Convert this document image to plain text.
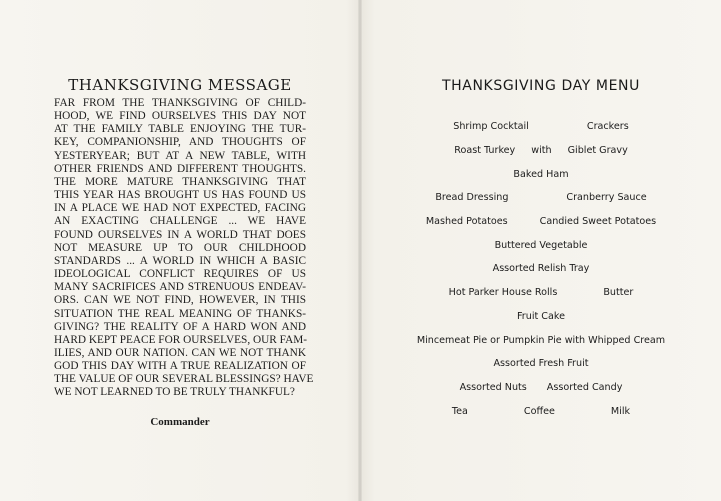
THANKSGIVING MESSAGE

FAR FROM THE THANKSGIVING OF CHILD-
HOOD, WE FIND OURSELVES THIS DAY NOT
AT THE FAMILY TABLE ENJOYING THE TUR-
KEY, COMPANIONSHIP, AND THOUGHTS OF
YESTERYEAR; BUT AT A NEW TABLE, WITH
OTHER FRIENDS AND DIFFERENT THOUGHTS.
THE MORE MATURE THANKSGIVING THAT
THIS YEAR HAS BROUGHT US HAS FOUND US
IN A PLACE WE HAD NOT EXPECTED, FACING
AN EXACTING CHALLENGE ... WE HAVE
FOUND OURSELVES IN A WORLD THAT DOES
NOT MEASURE UP TO OUR CHILDHOOD
STANDARDS ... A WORLD IN WHICH A BASIC
IDEOLOGICAL CONFLICT REQUIRES OF US
MANY SACRIFICES AND STRENUOUS ENDEAV-
ORS. CAN WE NOT FIND, HOWEVER, IN THIS
SITUATION THE REAL MEANING OF THANKS-
GIVING? THE REALITY OF A HARD WON AND
HARD KEPT PEACE FOR OURSELVES, OUR FAM-
ILIES, AND OUR NATION. CAN WE NOT THANK
GOD THIS DAY WITH A TRUE REALIZATION OF
THE VALUE OF OUR SEVERAL BLESSINGS? HAVE
WE NOT LEARNED TO BE TRULY THANKFUL?

Commander
THANKSGIVING DAY MENU
Shrimp Cocktail	Crackers
Roast Turkey with Giblet Gravy
Baked Ham
Bread Dressing	Cranberry Sauce
Mashed Potatoes	Candied Sweet Potatoes
Buttered Vegetable
Assorted Relish Tray
Hot Parker House Rolls	Butter
Fruit Cake
Mincemeat Pie or Pumpkin Pie with Whipped Cream
Assorted Fresh Fruit
Assorted Nuts Assorted Candy
Tea	Coffee	Milk
